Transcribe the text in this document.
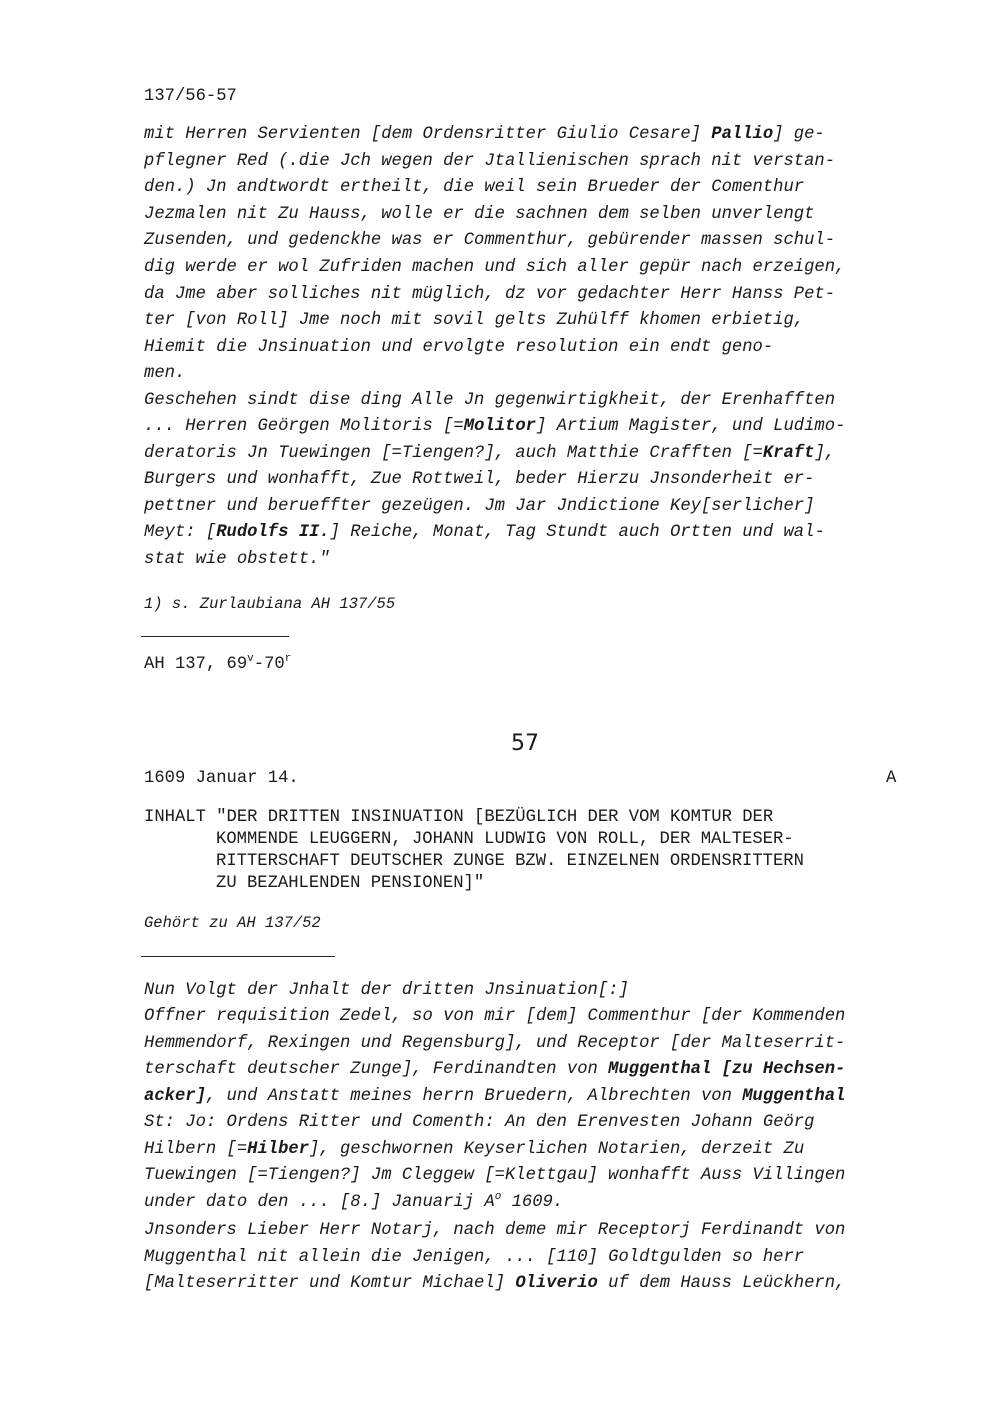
137/56-57
mit Herren Servienten [dem Ordensritter Giulio Cesare] Pallio] ge-
pflegner Red (.die Jch wegen der Jtallienischen sprach nit verstan-
den.) Jn andtwordt ertheilt, die weil sein Brueder der Comenthur
Jezmalen nit Zu Hauss, wolle er die sachnen dem selben unverlengt
Zusenden, und gedenckhe was er Commenthur, gebürender massen schul-
dig werde er wol Zufriden machen und sich aller gepür nach erzeigen,
da Jme aber solliches nit müglich, dz vor gedachter Herr Hanss Pet-
ter [von Roll] Jme noch mit sovil gelts Zuhülff khomen erbietig,
Hiemit die Jnsinuation und ervolgte resolution ein endt geno-
men.
Geschehen sindt dise ding Alle Jn gegenwirtigkheit, der Erenhafften
... Herren Geörgen Molitoris [=Molitor] Artium Magister, und Ludimo-
deratoris Jn Tuewingen [=Tiengen?], auch Matthie Crafften [=Kraft],
Burgers und wonhafft, Zue Rottweil, beder Hierzu Jnsonderheit er-
pettner und berueffter gezeügen. Jm Jar Jndictione Key[serlicher]
Meyt: [Rudolfs II.] Reiche, Monat, Tag Stundt auch Ortten und wal-
stat wie obstett."
1) s. Zurlaubiana AH 137/55
AH 137, 69$^v$-70$^r$
57
1609 Januar 14.	A
INHALT "DER DRITTEN INSINUATION [BEZÜGLICH DER VOM KOMTUR DER
KOMMENDE LEUGGERN, JOHANN LUDWIG VON ROLL, DER MALTESER-
RITTERSCHAFT DEUTSCHER ZUNGE BZW. EINZELNEN ORDENSRITTERN
ZU BEZAHLENDEN PENSIONEN]"
Gehört zu AH 137/52
Nun Volgt der Jnhalt der dritten Jnsinuation[:]
Offner requisition Zedel, so von mir [dem] Commenthur [der Kommenden
Hemmendorf, Rexingen und Regensburg], und Receptor [der Malteserrit-
terschaft deutscher Zunge], Ferdinandten von Muggenthal [zu Hechsen-
acker], und Anstatt meines herrn Bruedern, Albrechten von Muggenthal
St: Jo: Ordens Ritter und Comenth: An den Erenvesten Johann Geörg
Hilbern [=Hilber], geschwornen Keyserlichen Notarien, derzeit Zu
Tuewingen [=Tiengen?] Jm Cleggew [=Klettgau] wonhafft Auss Villingen
under dato den ... [8.] Januarij $A^o$ 1609.
Jnsonders Lieber Herr Notarj, nach deme mir Receptorj Ferdinandt von
Muggenthal nit allein die Jenigen, ... [110] Goldtgulden so herr
[Malteserritter und Komtur Michael] Oliverio uf dem Hauss Leückhern,
